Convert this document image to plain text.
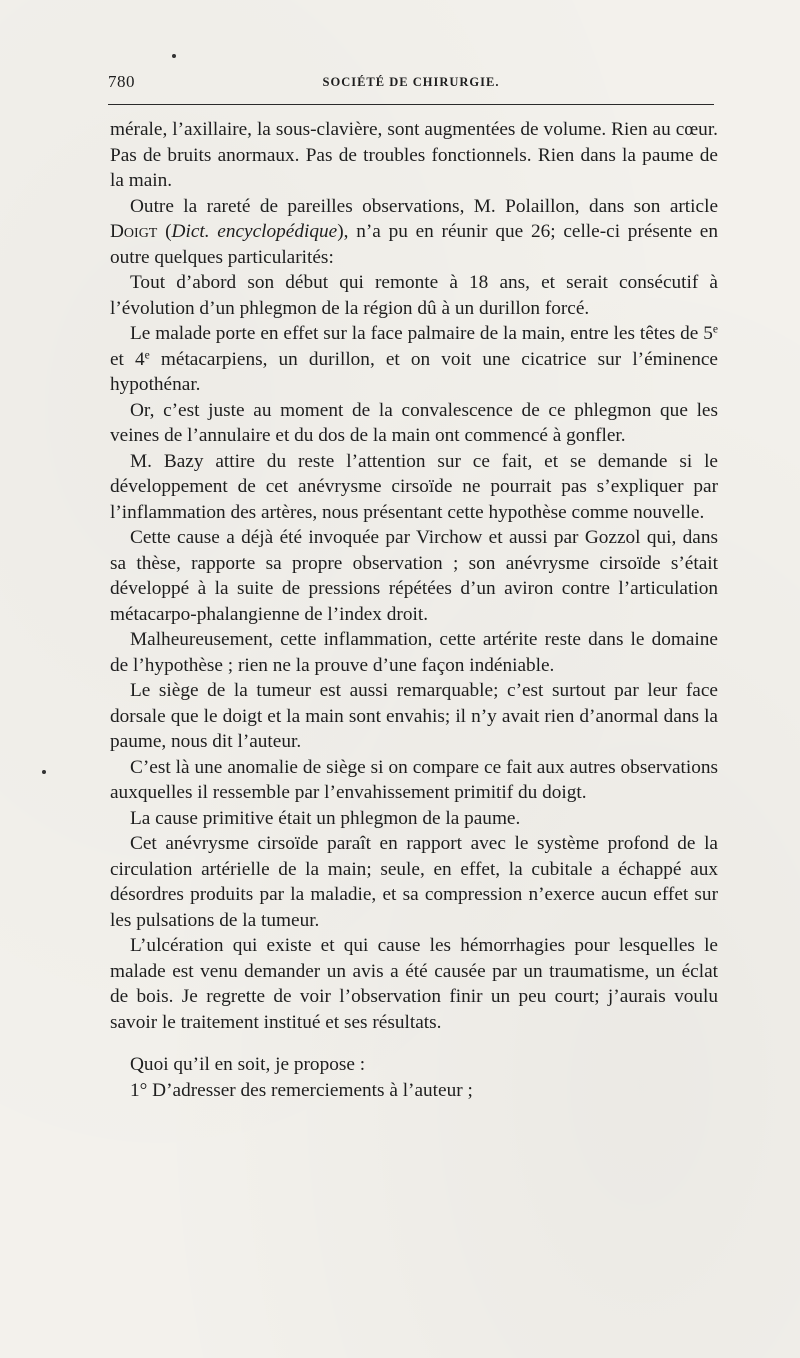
780	SOCIÉTÉ DE CHIRURGIE.

mérale, l’axillaire, la sous-clavière, sont augmentées de volume. Rien au cœur. Pas de bruits anormaux. Pas de troubles fonctionnels. Rien dans la paume de la main.

Outre la rareté de pareilles observations, M. Polaillon, dans son article Doigt (Dict. encyclopédique), n’a pu en réunir que 26; celle-ci présente en outre quelques particularités:

Tout d’abord son début qui remonte à 18 ans, et serait consécutif à l’évolution d’un phlegmon de la région dû à un durillon forcé.

Le malade porte en effet sur la face palmaire de la main, entre les têtes de 5e et 4e métacarpiens, un durillon, et on voit une cicatrice sur l’éminence hypothénar.

Or, c’est juste au moment de la convalescence de ce phlegmon que les veines de l’annulaire et du dos de la main ont commencé à gonfler.

M. Bazy attire du reste l’attention sur ce fait, et se demande si le développement de cet anévrysme cirsoïde ne pourrait pas s’expliquer par l’inflammation des artères, nous présentant cette hypothèse comme nouvelle.

Cette cause a déjà été invoquée par Virchow et aussi par Gozzol qui, dans sa thèse, rapporte sa propre observation ; son anévrysme cirsoïde s’était développé à la suite de pressions répétées d’un aviron contre l’articulation métacarpo-phalangienne de l’index droit.

Malheureusement, cette inflammation, cette artérite reste dans le domaine de l’hypothèse ; rien ne la prouve d’une façon indéniable.

Le siège de la tumeur est aussi remarquable; c’est surtout par leur face dorsale que le doigt et la main sont envahis; il n’y avait rien d’anormal dans la paume, nous dit l’auteur.

C’est là une anomalie de siège si on compare ce fait aux autres observations auxquelles il ressemble par l’envahissement primitif du doigt.

La cause primitive était un phlegmon de la paume.

Cet anévrysme cirsoïde paraît en rapport avec le système profond de la circulation artérielle de la main; seule, en effet, la cubitale a échappé aux désordres produits par la maladie, et sa compression n’exerce aucun effet sur les pulsations de la tumeur.

L’ulcération qui existe et qui cause les hémorrhagies pour lesquelles le malade est venu demander un avis a été causée par un traumatisme, un éclat de bois. Je regrette de voir l’observation finir un peu court; j’aurais voulu savoir le traitement institué et ses résultats.

Quoi qu’il en soit, je propose :

1° D’adresser des remerciements à l’auteur ;
